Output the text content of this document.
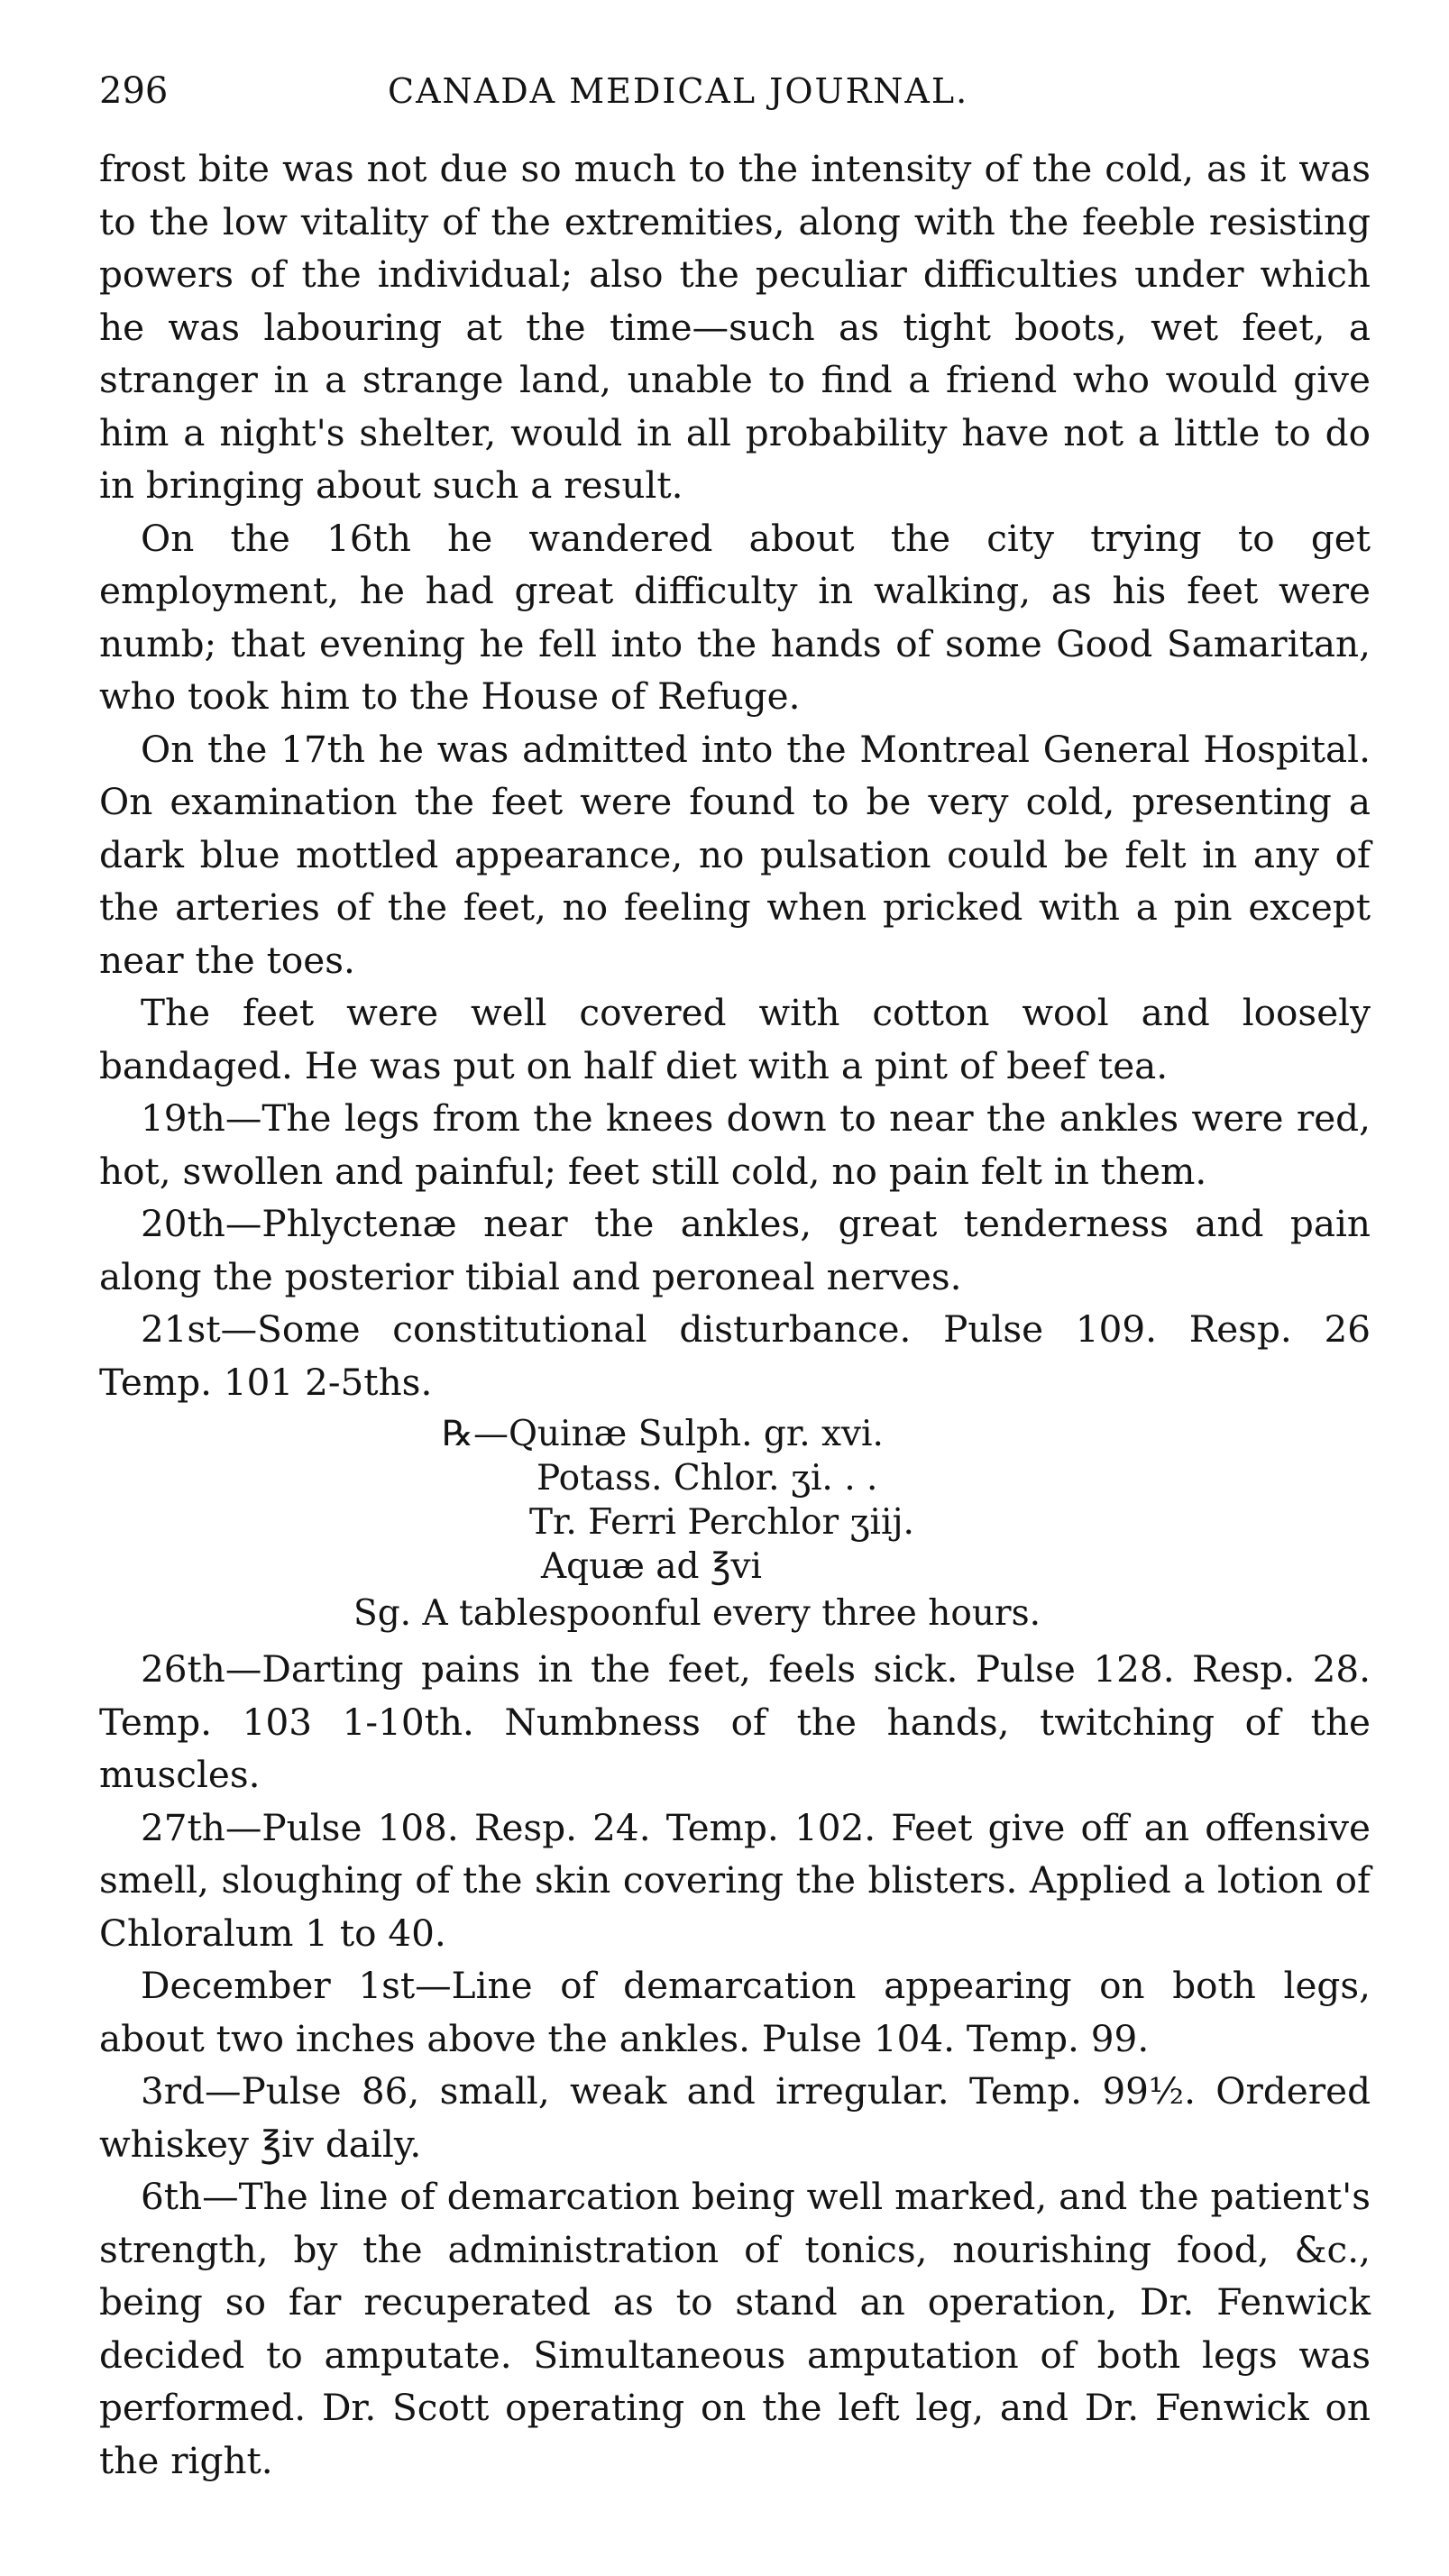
296	CANADA MEDICAL JOURNAL.

frost bite was not due so much to the intensity of the cold, as it was to the low vitality of the extremities, along with the feeble resisting powers of the individual; also the peculiar difficulties under which he was labouring at the time—such as tight boots, wet feet, a stranger in a strange land, unable to find a friend who would give him a night's shelter, would in all probability have not a little to do in bringing about such a result.

On the 16th he wandered about the city trying to get employment, he had great difficulty in walking, as his feet were numb; that evening he fell into the hands of some Good Samaritan, who took him to the House of Refuge.

On the 17th he was admitted into the Montreal General Hospital. On examination the feet were found to be very cold, presenting a dark blue mottled appearance, no pulsation could be felt in any of the arteries of the feet, no feeling when pricked with a pin except near the toes.

The feet were well covered with cotton wool and loosely bandaged. He was put on half diet with a pint of beef tea.

19th—The legs from the knees down to near the ankles were red, hot, swollen and painful; feet still cold, no pain felt in them.

20th—Phlyctenæ near the ankles, great tenderness and pain along the posterior tibial and peroneal nerves.

21st—Some constitutional disturbance. Pulse 109. Resp. 26 Temp. 101 2-5ths.

℞—Quinæ Sulph. gr. xvi.
Potass. Chlor. ʒi. . .
Tr. Ferri Perchlor ʒiij.
Aquæ ad ℥vi
Sg. A tablespoonful every three hours.

26th—Darting pains in the feet, feels sick. Pulse 128. Resp. 28. Temp. 103 1-10th. Numbness of the hands, twitching of the muscles.

27th—Pulse 108. Resp. 24. Temp. 102. Feet give off an offensive smell, sloughing of the skin covering the blisters. Applied a lotion of Chloralum 1 to 40.

December 1st—Line of demarcation appearing on both legs, about two inches above the ankles. Pulse 104. Temp. 99.

3rd—Pulse 86, small, weak and irregular. Temp. 99½. Ordered whiskey ℥iv daily.

6th—The line of demarcation being well marked, and the patient's strength, by the administration of tonics, nourishing food, &c., being so far recuperated as to stand an operation, Dr. Fenwick decided to amputate. Simultaneous amputation of both legs was performed. Dr. Scott operating on the left leg, and Dr. Fenwick on the right.
